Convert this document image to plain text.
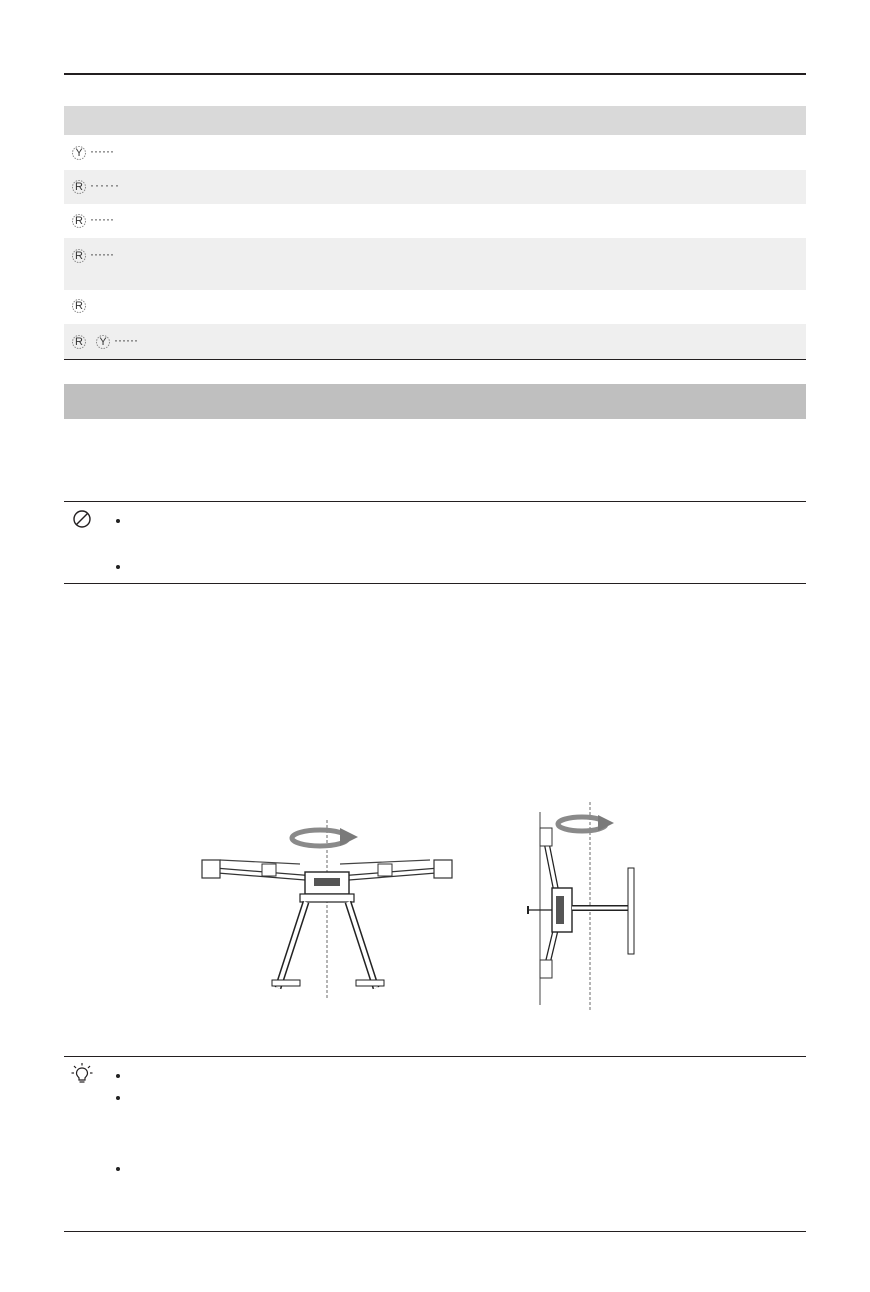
Y ······
R ······
R ······
R ······
R
R	Y ······
